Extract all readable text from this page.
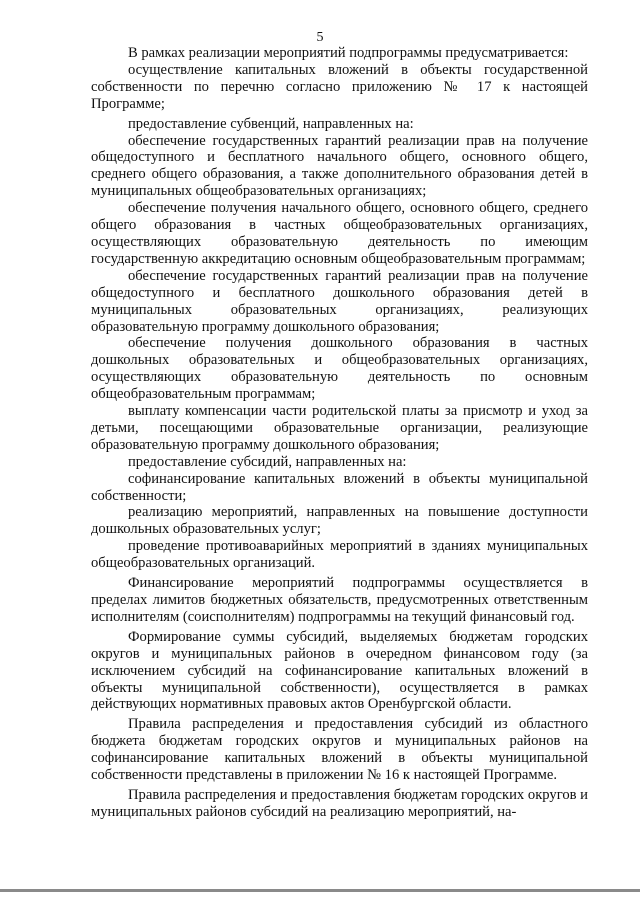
5

В рамках реализации мероприятий подпрограммы предусматривается:

осуществление капитальных вложений в объекты государственной собственности по перечню согласно приложению № 17 к настоящей Программе;

предоставление субвенций, направленных на:

обеспечение государственных гарантий реализации прав на получение общедоступного и бесплатного начального общего, основного общего, среднего общего образования, а также дополнительного образования детей в муниципальных общеобразовательных организациях;

обеспечение получения начального общего, основного общего, среднего общего образования в частных общеобразовательных организациях, осуществляющих образовательную деятельность по имеющим государственную аккредитацию основным общеобразовательным программам;

обеспечение государственных гарантий реализации прав на получение общедоступного и бесплатного дошкольного образования детей в муниципальных образовательных организациях, реализующих образовательную программу дошкольного образования;

обеспечение получения дошкольного образования в частных дошкольных образовательных и общеобразовательных организациях, осуществляющих образовательную деятельность по основным общеобразовательным программам;

выплату компенсации части родительской платы за присмотр и уход за детьми, посещающими образовательные организации, реализующие образовательную программу дошкольного образования;

предоставление субсидий, направленных на:

софинансирование капитальных вложений в объекты муниципальной собственности;

реализацию мероприятий, направленных на повышение доступности дошкольных образовательных услуг;

проведение противоаварийных мероприятий в зданиях муниципальных общеобразовательных организаций.

Финансирование мероприятий подпрограммы осуществляется в пределах лимитов бюджетных обязательств, предусмотренных ответственным исполнителям (соисполнителям) подпрограммы на текущий финансовый год.

Формирование суммы субсидий, выделяемых бюджетам городских округов и муниципальных районов в очередном финансовом году (за исключением субсидий на софинансирование капитальных вложений в объекты муниципальной собственности), осуществляется в рамках действующих нормативных правовых актов Оренбургской области.

Правила распределения и предоставления субсидий из областного бюджета бюджетам городских округов и муниципальных районов на софинансирование капитальных вложений в объекты муниципальной собственности представлены в приложении № 16 к настоящей Программе.

Правила распределения и предоставления бюджетам городских округов и муниципальных районов субсидий на реализацию мероприятий, на-
